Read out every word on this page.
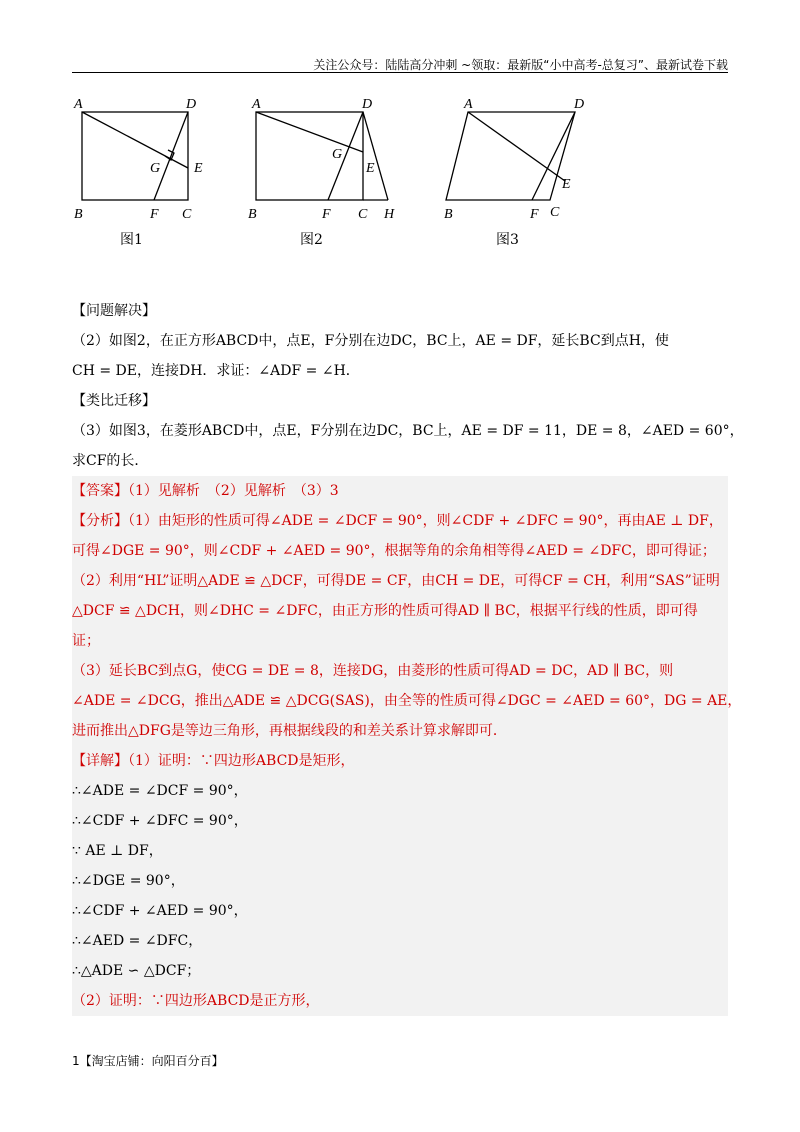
关注公众号：陆陆高分冲刺 ~领取：最新版“小中高考-总复习”、最新试卷下载
A	D
G E
B	F C
图1
A	D
G
E
B	F C H
图2
A	D
E
B	F C
图3
【问题解决】
（2）如图2，在正方形ABCD中，点E，F分别在边DC，BC上，AE = DF，延长BC到点H，使
CH = DE，连接DH．求证：∠ADF = ∠H．
【类比迁移】
（3）如图3，在菱形ABCD中，点E，F分别在边DC，BC上，AE = DF = 11，DE = 8，∠AED = 60°，
求CF的长．
【答案】（1）见解析　（2）见解析　（3）3
【分析】（1）由矩形的性质可得∠ADE = ∠DCF = 90°，则∠CDF + ∠DFC = 90°，再由AE ⊥ DF，
可得∠DGE = 90°，则∠CDF + ∠AED = 90°，根据等角的余角相等得∠AED = ∠DFC，即可得证；
（2）利用“HL”证明△ADE ≌ △DCF，可得DE = CF，由CH = DE，可得CF = CH，利用“SAS”证明
△DCF ≌ △DCH，则∠DHC = ∠DFC，由正方形的性质可得AD ∥ BC，根据平行线的性质，即可得
证；
（3）延长BC到点G，使CG = DE = 8，连接DG，由菱形的性质可得AD = DC，AD ∥ BC，则
∠ADE = ∠DCG，推出△ADE ≌ △DCG(SAS)，由全等的性质可得∠DGC = ∠AED = 60°，DG = AE，
进而推出△DFG是等边三角形，再根据线段的和差关系计算求解即可．
【详解】（1）证明：∵四边形ABCD是矩形，
∴∠ADE = ∠DCF = 90°，
∴∠CDF + ∠DFC = 90°，
∵ AE ⊥ DF，
∴∠DGE = 90°，
∴∠CDF + ∠AED = 90°，
∴∠AED = ∠DFC，
∴△ADE ∽ △DCF；
（2）证明：∵四边形ABCD是正方形，
1【淘宝店铺：向阳百分百】
